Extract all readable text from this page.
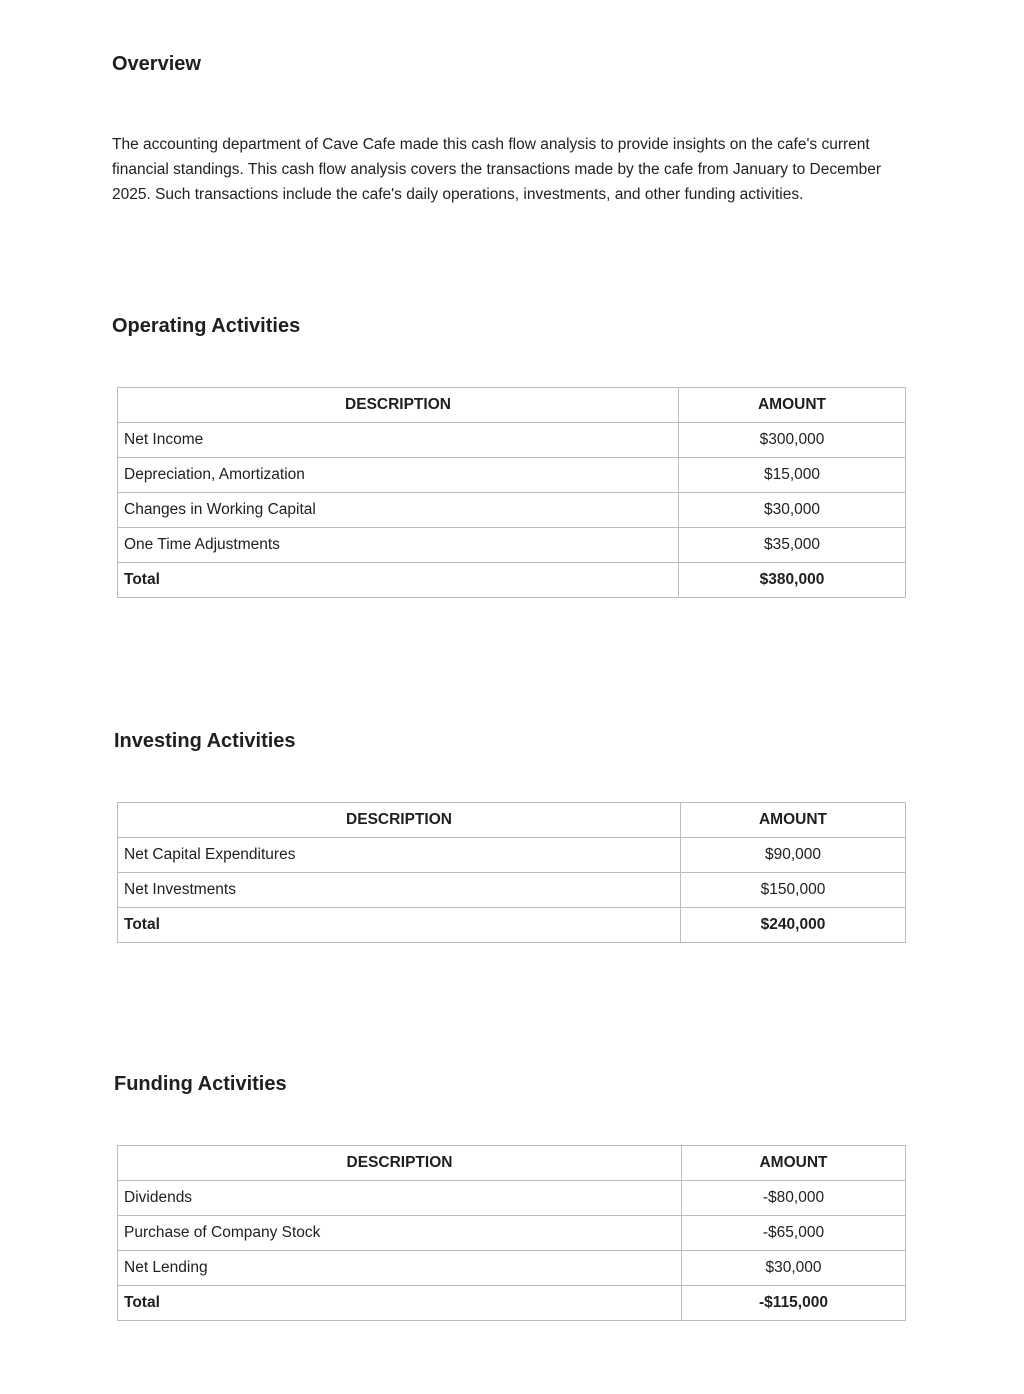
Overview

The accounting department of Cave Cafe made this cash flow analysis to provide insights on the cafe's current financial standings. This cash flow analysis covers the transactions made by the cafe from January to December 2025. Such transactions include the cafe's daily operations, investments, and other funding activities.

Operating Activities
DESCRIPTION	AMOUNT
Net Income	$300,000
Depreciation, Amortization	$15,000
Changes in Working Capital	$30,000
One Time Adjustments	$35,000
Total	$380,000
Investing Activities
DESCRIPTION	AMOUNT
Net Capital Expenditures	$90,000
Net Investments	$150,000
Total	$240,000
Funding Activities
DESCRIPTION	AMOUNT
Dividends	-$80,000
Purchase of Company Stock	-$65,000
Net Lending	$30,000
Total	-$115,000
